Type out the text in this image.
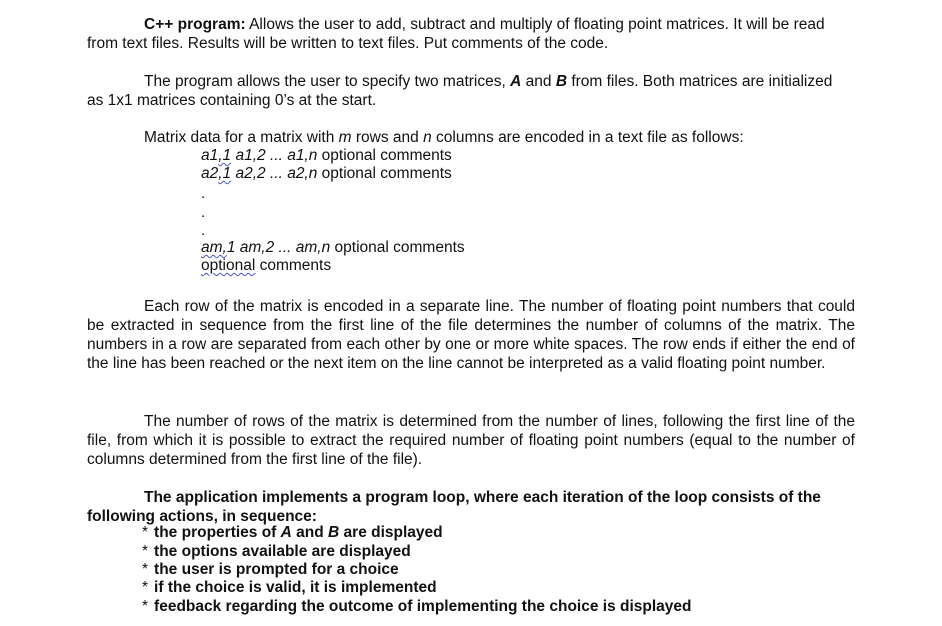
C++ program: Allows the user to add, subtract and multiply of floating point matrices. It will be read
from text files. Results will be written to text files. Put comments of the code.

The program allows the user to specify two matrices, A and B from files. Both matrices are initialized
as 1x1 matrices containing 0’s at the start.

Matrix data for a matrix with m rows and n columns are encoded in a text file as follows:
a1,1 a1,2 ... a1,n optional comments
a2,1 a2,2 ... a2,n optional comments
.
.
.
am,1 am,2 ... am,n optional comments
optional comments

Each row of the matrix is encoded in a separate line. The number of floating point numbers that could be extracted in sequence from the first line of the file determines the number of columns of the matrix. The numbers in a row are separated from each other by one or more white spaces. The row ends if either the end of the line has been reached or the next item on the line cannot be interpreted as a valid floating point number.

The number of rows of the matrix is determined from the number of lines, following the first line of the file, from which it is possible to extract the required number of floating point numbers (equal to the number of columns determined from the first line of the file).

The application implements a program loop, where each iteration of the loop consists of the following actions, in sequence:

* the properties of A and B are displayed
* the options available are displayed
* the user is prompted for a choice
* if the choice is valid, it is implemented
* feedback regarding the outcome of implementing the choice is displayed
